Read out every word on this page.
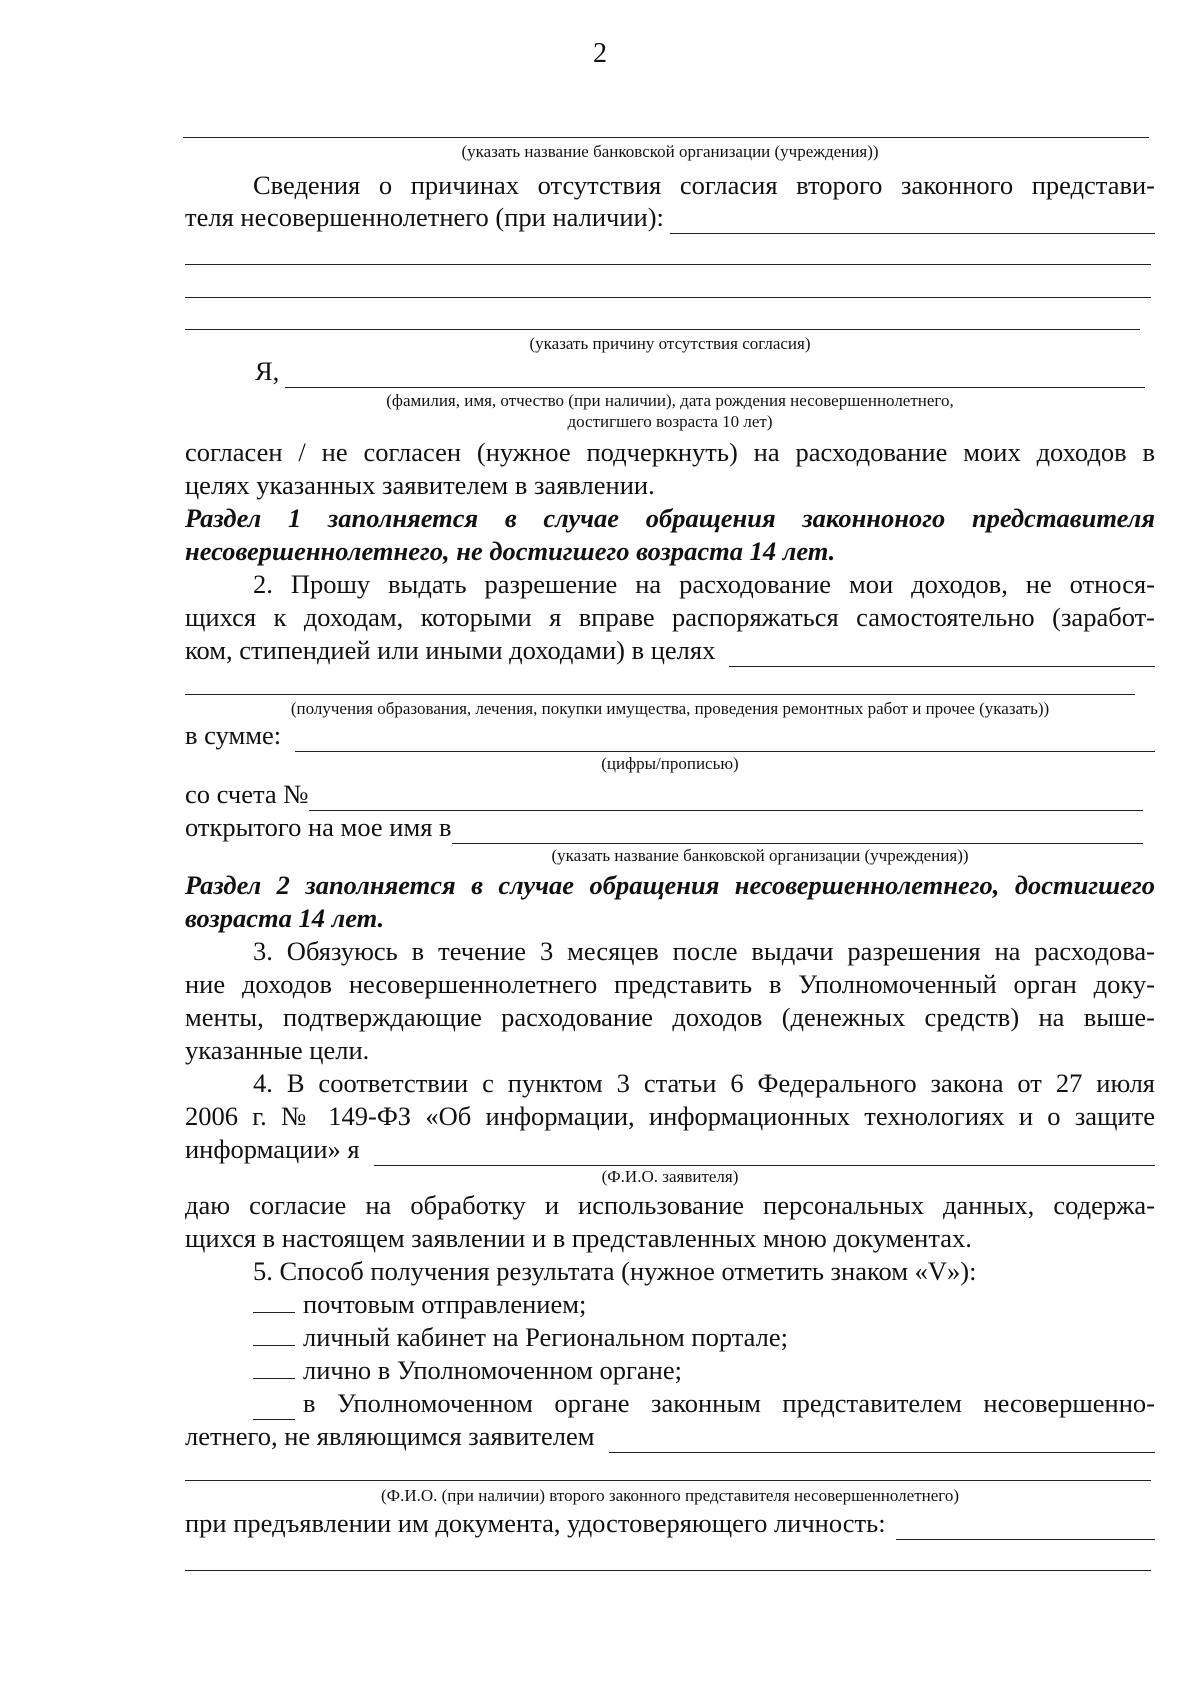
2
(указать название банковской организации (учреждения))
Сведения о причинах отсутствия согласия второго законного представи-
теля несовершеннолетнего (при наличии):
(указать причину отсутствия согласия)
Я,
(фамилия, имя, отчество (при наличии), дата рождения несовершеннолетнего,
достигшего возраста 10 лет)
согласен / не согласен (нужное подчеркнуть) на расходование моих доходов в
целях указанных заявителем в заявлении.
Раздел 1 заполняется в случае обращения законноного представителя
несовершеннолетнего, не достигшего возраста 14 лет.
2. Прошу выдать разрешение на расходование мои доходов, не относя-
щихся к доходам, которыми я вправе распоряжаться самостоятельно (заработ-
ком, стипендией или иными доходами) в целях
(получения образования, лечения, покупки имущества, проведения ремонтных работ и прочее (указать))
в сумме:
(цифры/прописью)
со счета №
открытого на мое имя в
(указать название банковской организации (учреждения))
Раздел 2 заполняется в случае обращения несовершеннолетнего, достигшего
возраста 14 лет.
3. Обязуюсь в течение 3 месяцев после выдачи разрешения на расходова-
ние доходов несовершеннолетнего представить в Уполномоченный орган доку-
менты, подтверждающие расходование доходов (денежных средств) на выше-
указанные цели.
4. В соответствии с пунктом 3 статьи 6 Федерального закона от 27 июля
2006 г. № 149-ФЗ «Об информации, информационных технологиях и о защите
информации» я
(Ф.И.О. заявителя)
даю согласие на обработку и использование персональных данных, содержа-
щихся в настоящем заявлении и в представленных мною документах.
5. Способ получения результата (нужное отметить знаком «V»):
почтовым отправлением;
личный кабинет на Региональном портале;
лично в Уполномоченном органе;
в Уполномоченном органе законным представителем несовершенно-
летнего, не являющимся заявителем
(Ф.И.О. (при наличии) второго законного представителя несовершеннолетнего)
при предъявлении им документа, удостоверяющего личность:
